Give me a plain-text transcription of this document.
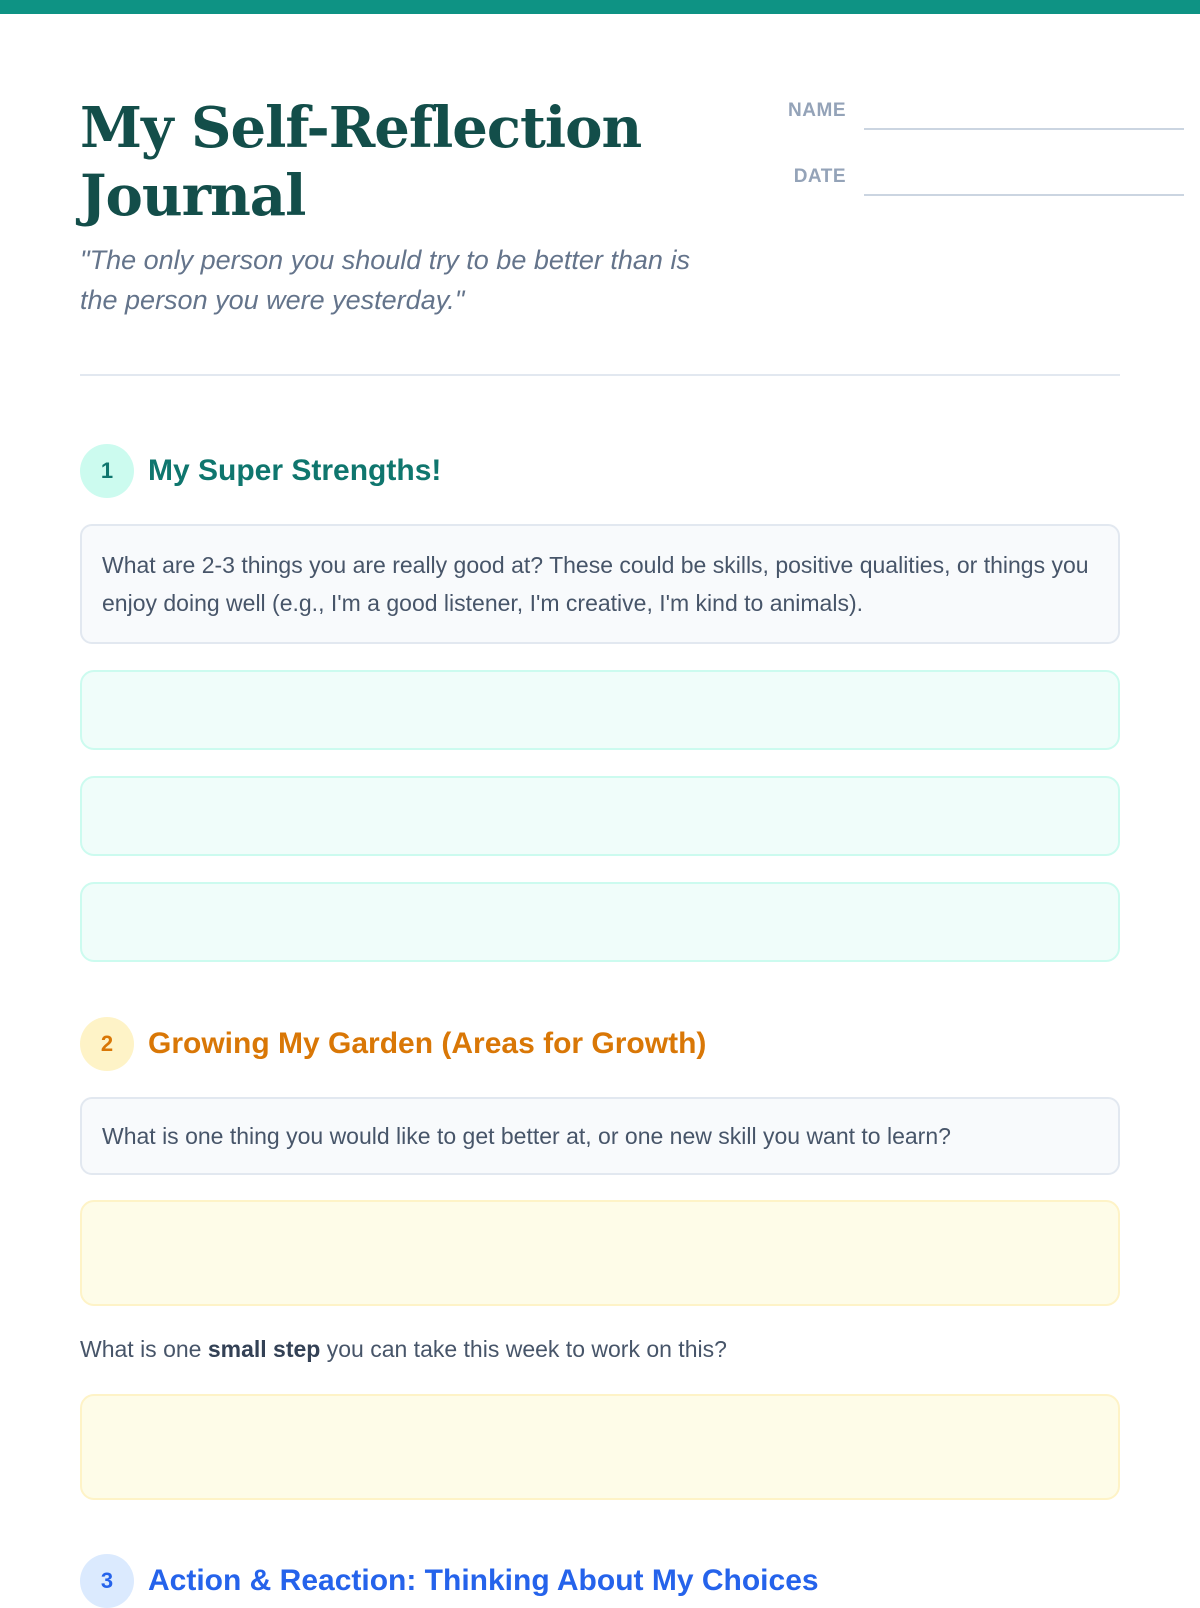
My Self-Reflection Journal
"The only person you should try to be better than is the person you were yesterday."
NAME
DATE
1	My Super Strengths!
What are 2-3 things you are really good at? These could be skills, positive qualities, or things you enjoy doing well (e.g., I'm a good listener, I'm creative, I'm kind to animals).
2	Growing My Garden (Areas for Growth)
What is one thing you would like to get better at, or one new skill you want to learn?
What is one small step you can take this week to work on this?
3	Action & Reaction: Thinking About My Choices
